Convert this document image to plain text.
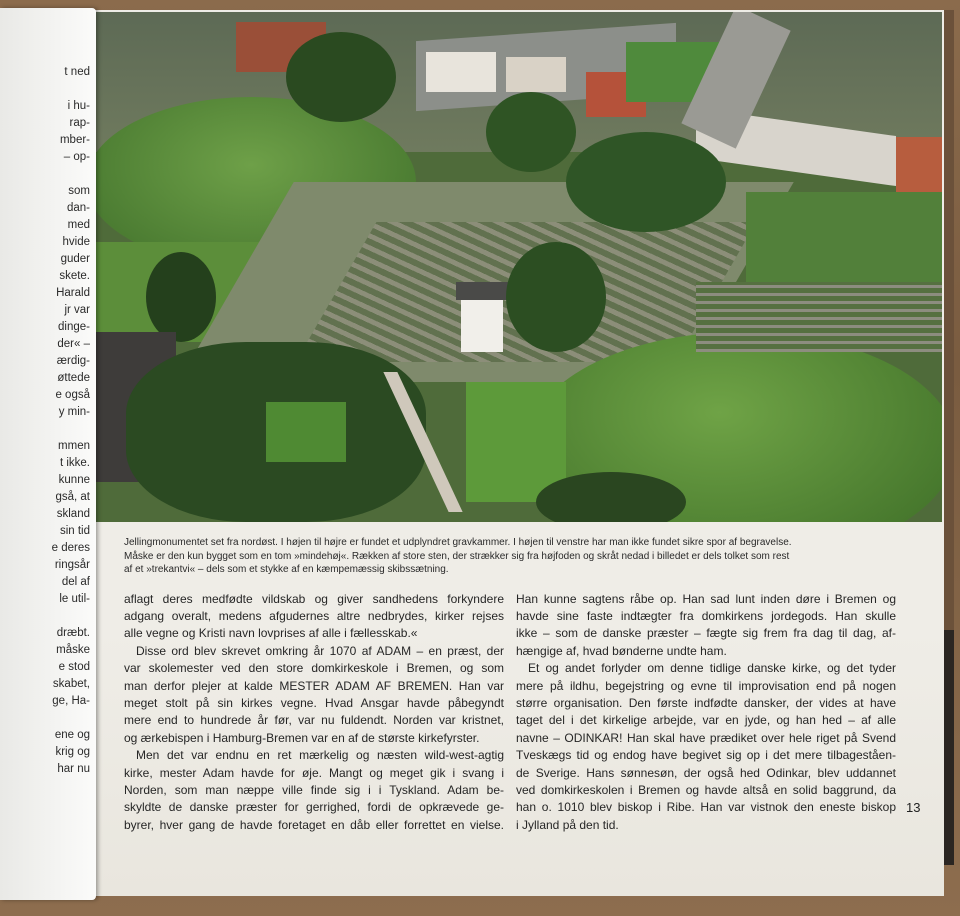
t ned
i hu-
rap-
mber-
– op-
som
dan-
med
hvide
guder
skete.
Harald
jr var
dinge-
der« –
ærdig-
øttede
e også
y min-
mmen
t ikke.
kunne
gså, at
skland
sin tid
e deres
ringsår
del af
le util-
dræbt.
måske
e stod
skabet,
ge, Ha-
ene og
krig og
har nu
Jellingmonumentet set fra nordøst. I højen til højre er fundet et udplyndret gravkammer. I højen til venstre har man ikke fundet sikre spor af begravelse.
Måske er den kun bygget som en tom »mindehøj«. Rækken af store sten, der strækker sig fra højfoden og skråt nedad i billedet er dels tolket som rest
af et »trekantvi« – dels som et stykke af en kæmpemæssig skibssætning.
aflagt deres medfødte vildskab og giver sandhedens forkyndere
adgang overalt, medens afgudernes altre nedbrydes, kirker rejses
alle vegne og Kristi navn lovprises af alle i fællesskab.«
Disse ord blev skrevet omkring år 1070 af ADAM – en præst, der
var skolemester ved den store domkirkeskole i Bremen, og som
man derfor plejer at kalde MESTER ADAM AF BREMEN. Han var
meget stolt på sin kirkes vegne. Hvad Ansgar havde påbegyndt
mere end to hundrede år før, var nu fuldendt. Norden var kristnet,
og ærkebispen i Hamburg-Bremen var en af de største kirkefyrster.
Men det var endnu en ret mærkelig og næsten wild-west-agtig
kirke, mester Adam havde for øje. Mangt og meget gik i svang i
Norden, som man næppe ville finde sig i i Tyskland. Adam be-
skyldte de danske præster for gerrighed, fordi de opkrævede ge-
byrer, hver gang de havde foretaget en dåb eller forrettet en vielse.
Han kunne sagtens råbe op. Han sad lunt inden døre i Bremen og
havde sine faste indtægter fra domkirkens jordegods. Han skulle
ikke – som de danske præster – fægte sig frem fra dag til dag, af-
hængige af, hvad bønderne undte ham.
Et og andet forlyder om denne tidlige danske kirke, og det tyder
mere på ildhu, begejstring og evne til improvisation end på nogen
større organisation. Den første indfødte dansker, der vides at have
taget del i det kirkelige arbejde, var en jyde, og han hed – af alle
navne – ODINKAR! Han skal have prædiket over hele riget på Svend
Tveskægs tid og endog have begivet sig op i det mere tilbageståen-
de Sverige. Hans sønnesøn, der også hed Odinkar, blev uddannet
ved domkirkeskolen i Bremen og havde altså en solid baggrund, da
han o. 1010 blev biskop i Ribe. Han var vistnok den eneste biskop
i Jylland på den tid.
13
